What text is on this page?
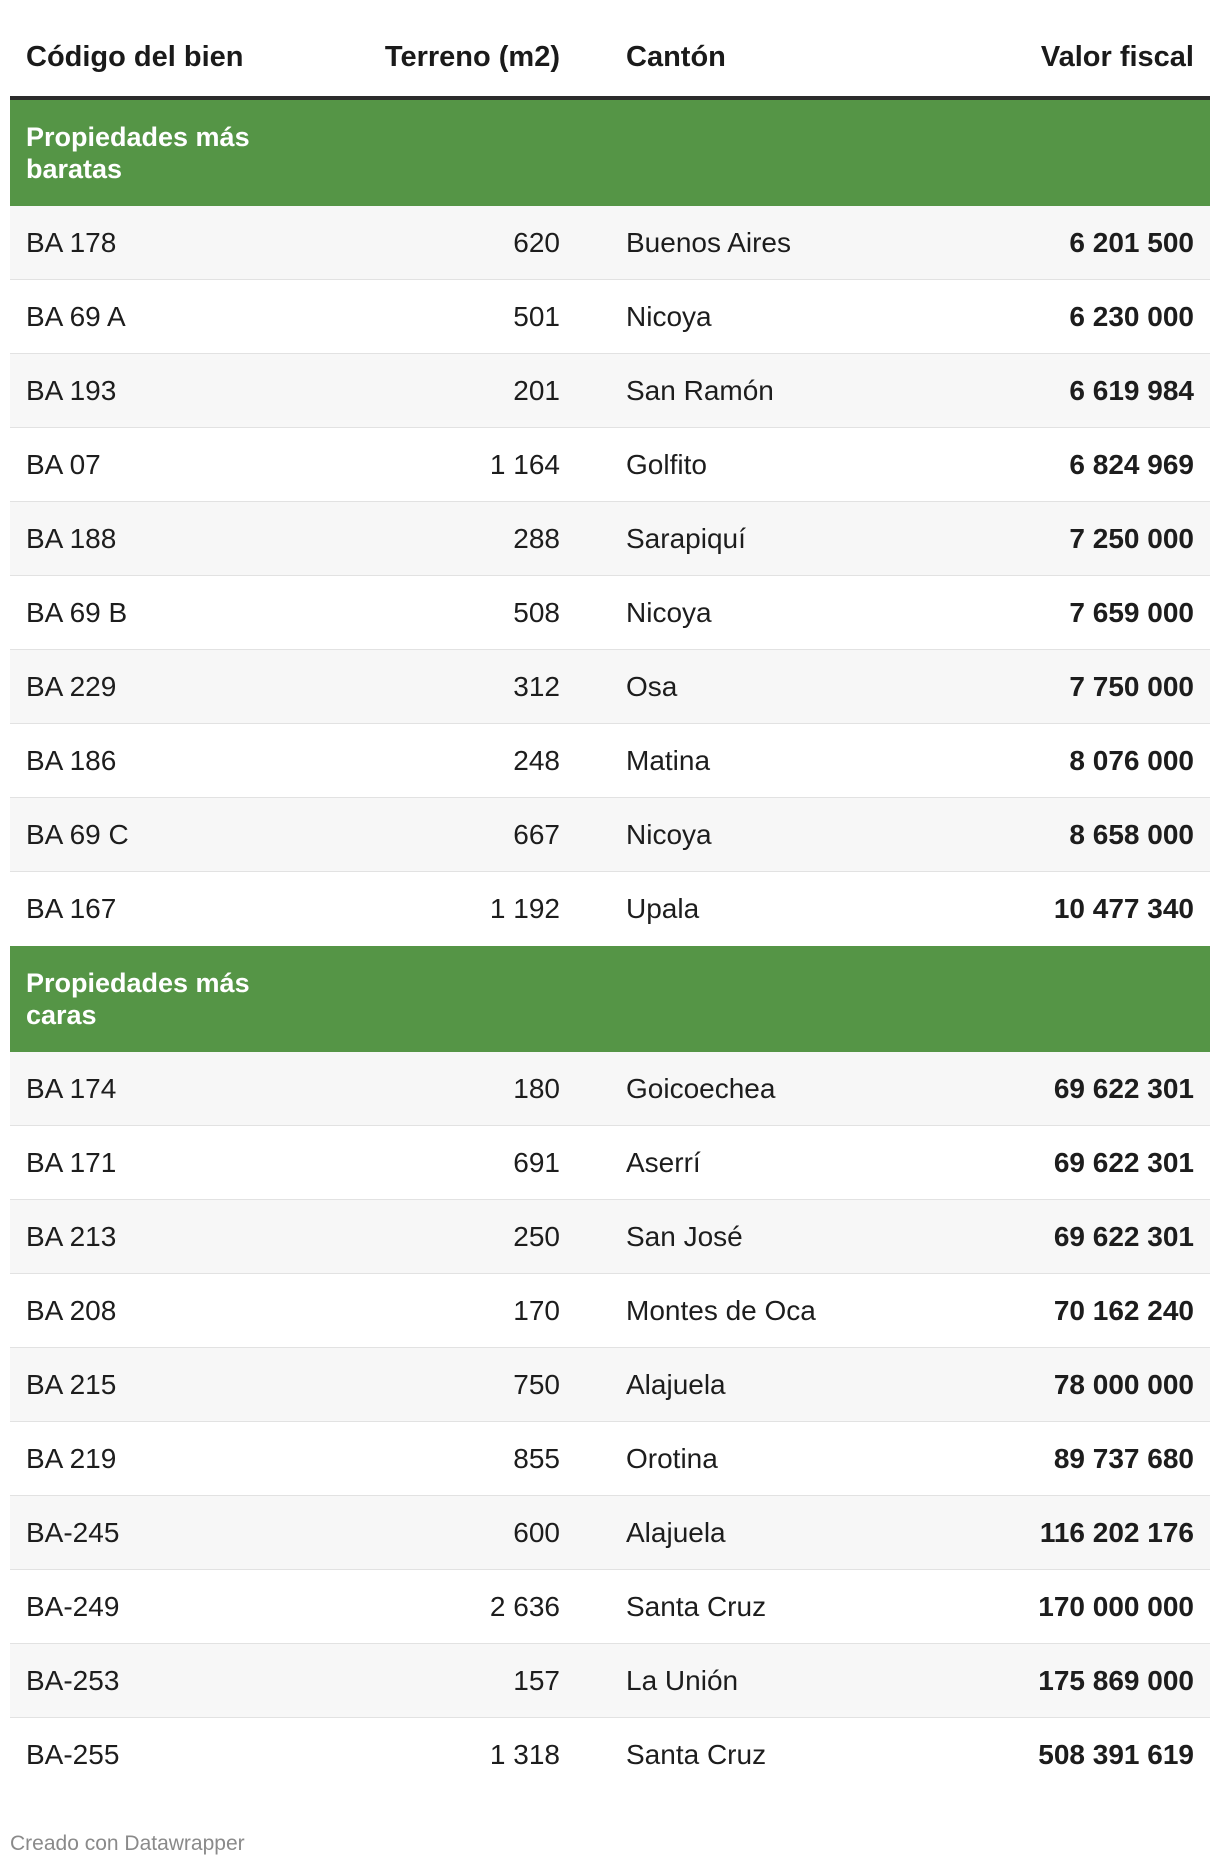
Código del bien	Terreno (m2)	Cantón	Valor fiscal
Propiedades más baratas
BA 178	620	Buenos Aires	6 201 500
BA 69 A	501	Nicoya	6 230 000
BA 193	201	San Ramón	6 619 984
BA 07	1 164	Golfito	6 824 969
BA 188	288	Sarapiquí	7 250 000
BA 69 B	508	Nicoya	7 659 000
BA 229	312	Osa	7 750 000
BA 186	248	Matina	8 076 000
BA 69 C	667	Nicoya	8 658 000
BA 167	1 192	Upala	10 477 340
Propiedades más caras
BA 174	180	Goicoechea	69 622 301
BA 171	691	Aserrí	69 622 301
BA 213	250	San José	69 622 301
BA 208	170	Montes de Oca	70 162 240
BA 215	750	Alajuela	78 000 000
BA 219	855	Orotina	89 737 680
BA-245	600	Alajuela	116 202 176
BA-249	2 636	Santa Cruz	170 000 000
BA-253	157	La Unión	175 869 000
BA-255	1 318	Santa Cruz	508 391 619
Creado con Datawrapper
